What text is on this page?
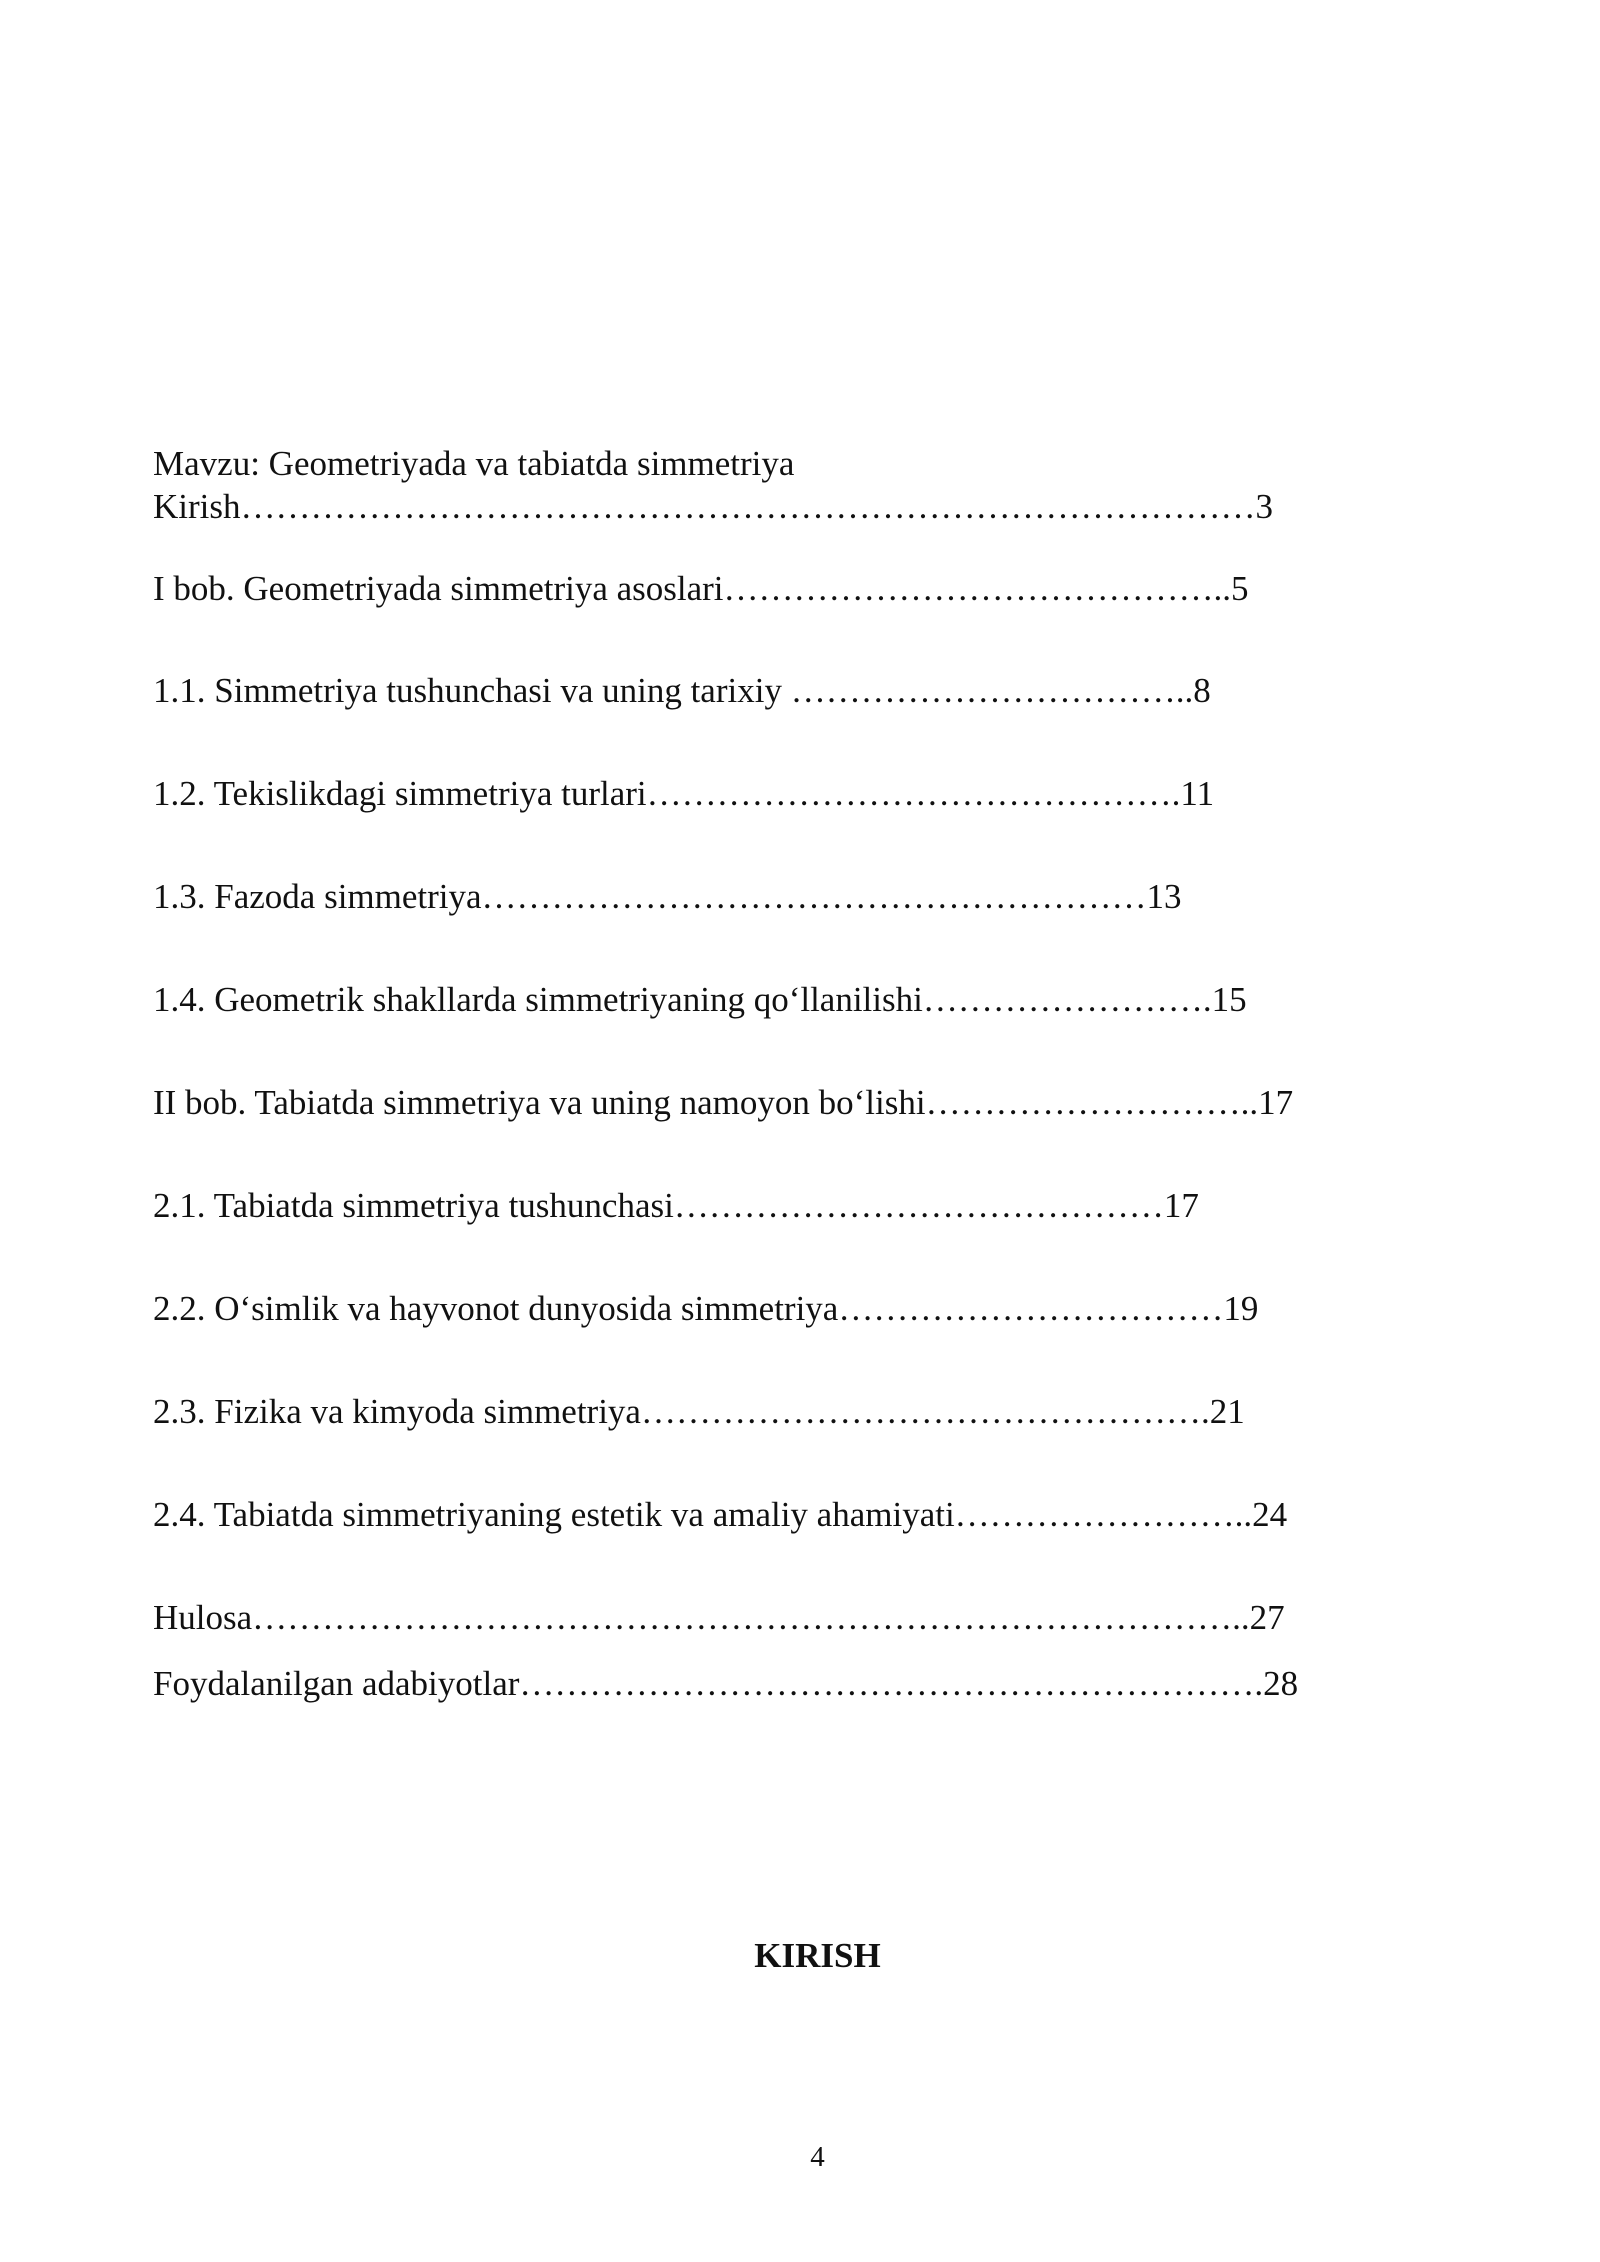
Mavzu: Geometriyada va tabiatda simmetriya
Kirish……………………………………………………………………………3
I bob. Geometriyada simmetriya asoslari……………………………………..5
1.1. Simmetriya tushunchasi va uning tarixiy ……………………………..8
1.2. Tekislikdagi simmetriya turlari……………………………………….11
1.3. Fazoda simmetriya…………………………………………………13
1.4. Geometrik shakllarda simmetriyaning qo‘llanilishi…………………….15
II bob. Tabiatda simmetriya va uning namoyon bo‘lishi………………………..17
2.1. Tabiatda simmetriya tushunchasi……………………………………17
2.2. O‘simlik va hayvonot dunyosida simmetriya……………………………19
2.3. Fizika va kimyoda simmetriya………………………………………….21
2.4. Tabiatda simmetriyaning estetik va amaliy ahamiyati……………………..24
Hulosa…………………………………………………………………………..27
Foydalanilgan adabiyotlar……………………………………………………….28
KIRISH
4
